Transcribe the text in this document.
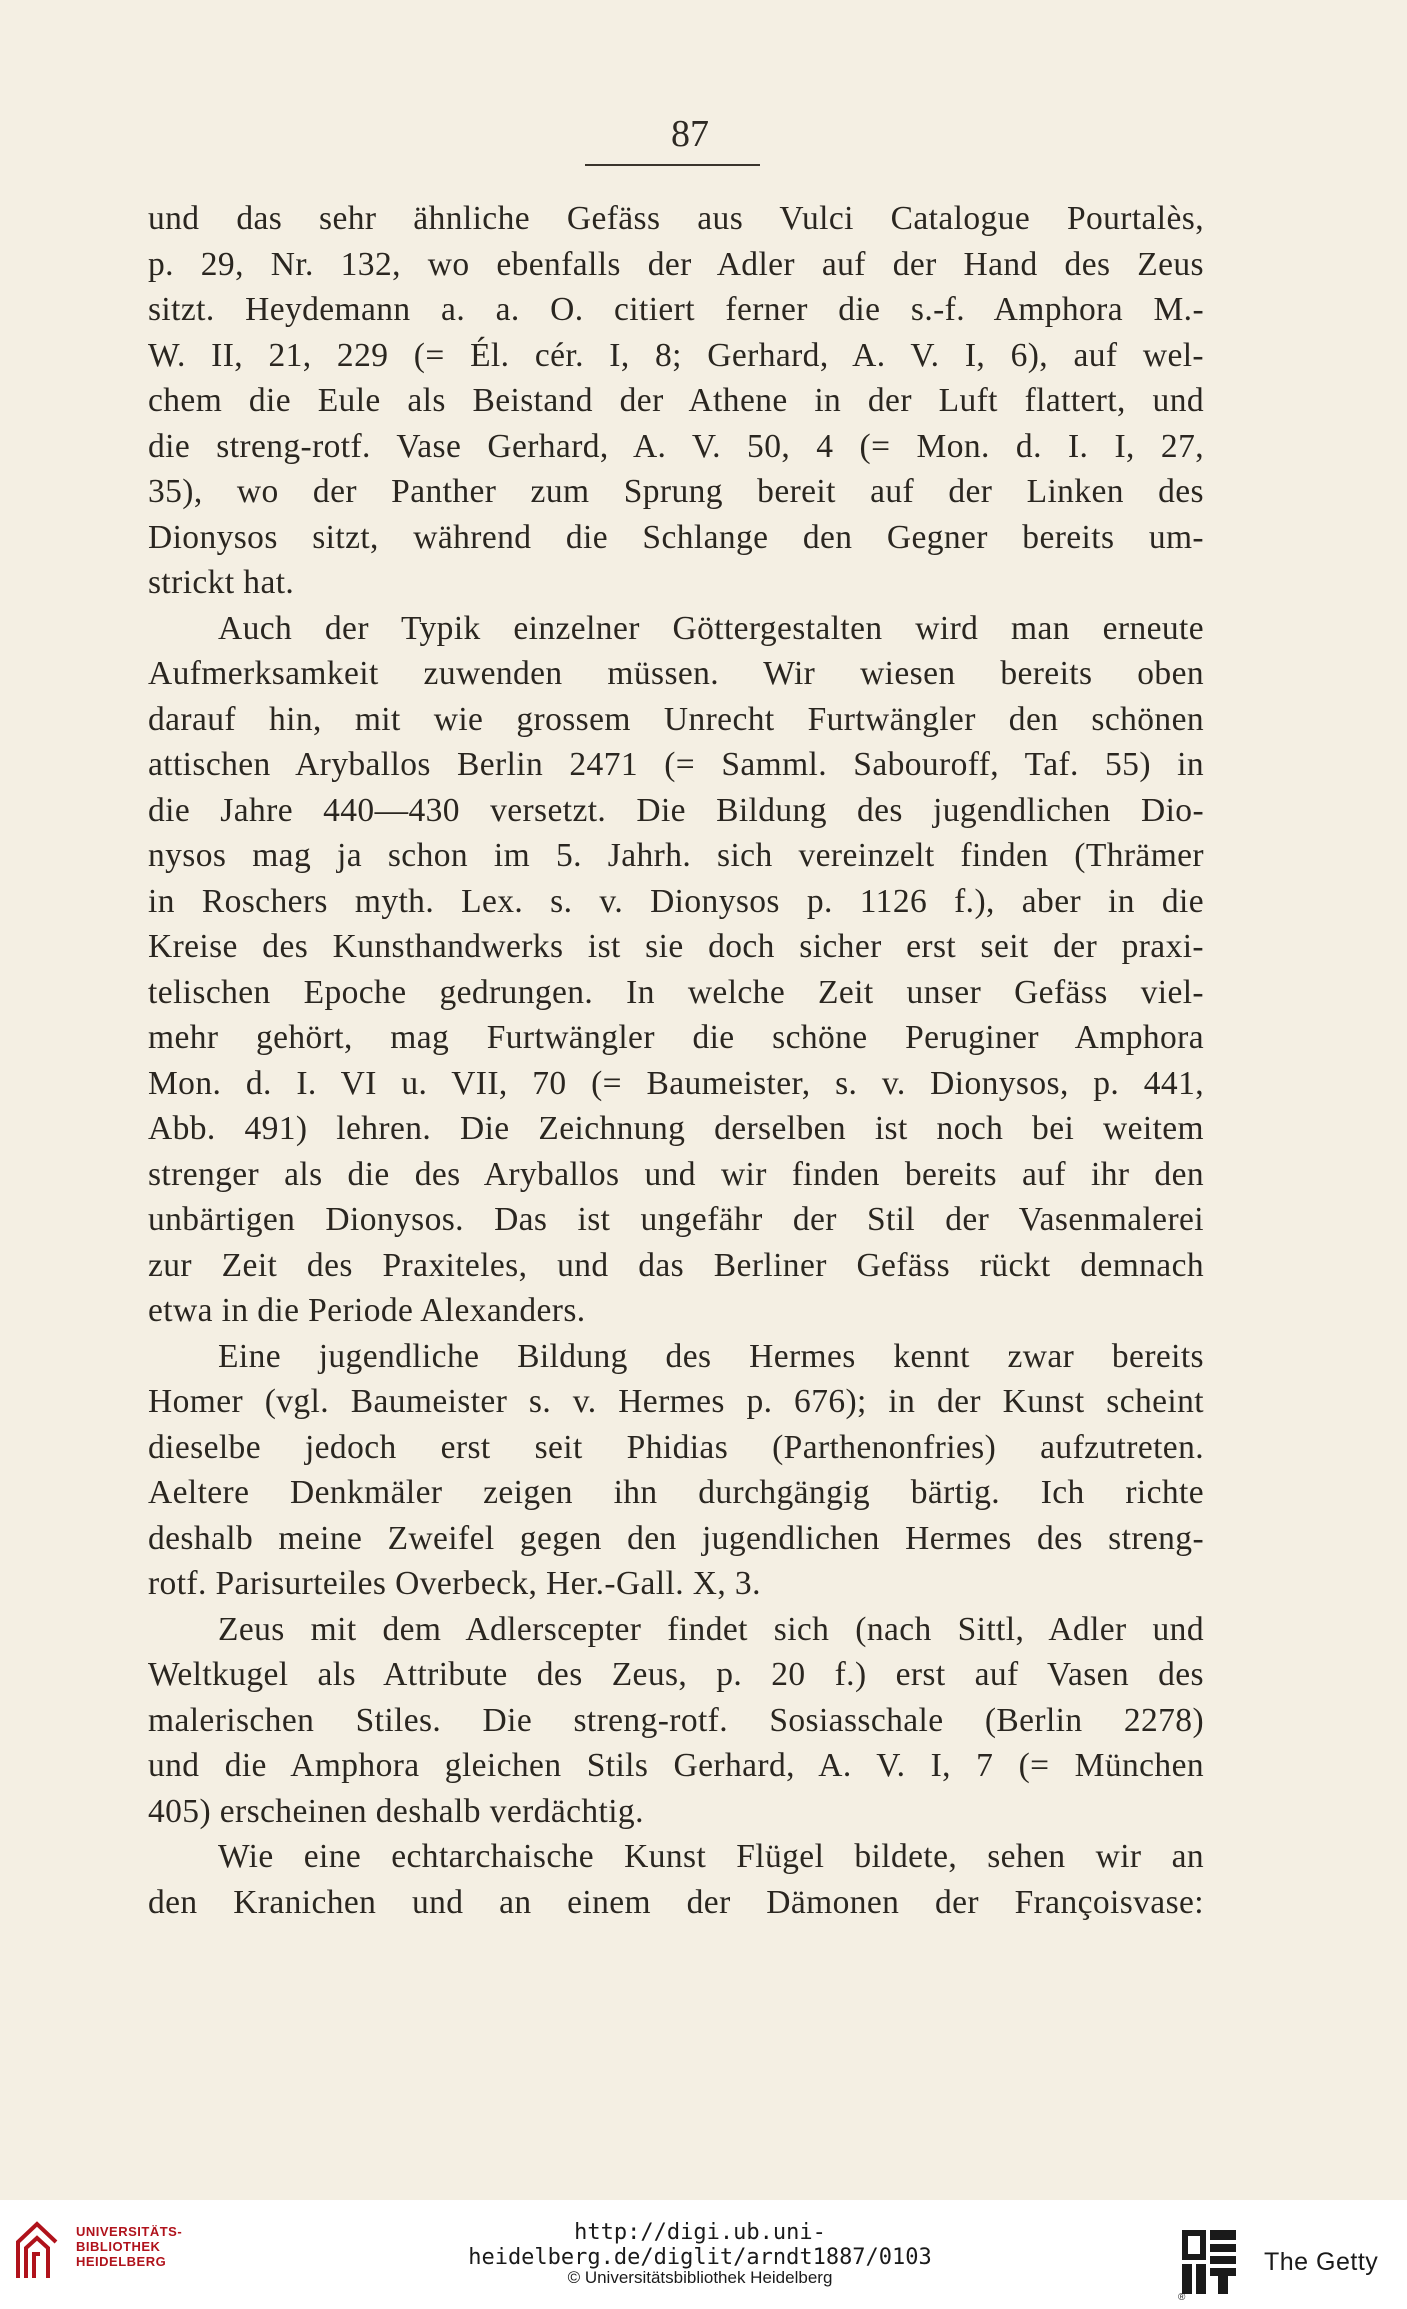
87
und das sehr ähnliche Gefäss aus Vulci Catalogue Pourtalès,
p. 29, Nr. 132, wo ebenfalls der Adler auf der Hand des Zeus
sitzt. Heydemann a. a. O. citiert ferner die s.-f. Amphora M.-
W. II, 21, 229 (= Él. cér. I, 8; Gerhard, A. V. I, 6), auf wel-
chem die Eule als Beistand der Athene in der Luft flattert, und
die streng-rotf. Vase Gerhard, A. V. 50, 4 (= Mon. d. I. I, 27,
35), wo der Panther zum Sprung bereit auf der Linken des
Dionysos sitzt, während die Schlange den Gegner bereits um-
strickt hat.
Auch der Typik einzelner Göttergestalten wird man erneute
Aufmerksamkeit zuwenden müssen. Wir wiesen bereits oben
darauf hin, mit wie grossem Unrecht Furtwängler den schönen
attischen Aryballos Berlin 2471 (= Samml. Sabouroff, Taf. 55) in
die Jahre 440—430 versetzt. Die Bildung des jugendlichen Dio-
nysos mag ja schon im 5. Jahrh. sich vereinzelt finden (Thrämer
in Roschers myth. Lex. s. v. Dionysos p. 1126 f.), aber in die
Kreise des Kunsthandwerks ist sie doch sicher erst seit der praxi-
telischen Epoche gedrungen. In welche Zeit unser Gefäss viel-
mehr gehört, mag Furtwängler die schöne Peruginer Amphora
Mon. d. I. VI u. VII, 70 (= Baumeister, s. v. Dionysos, p. 441,
Abb. 491) lehren. Die Zeichnung derselben ist noch bei weitem
strenger als die des Aryballos und wir finden bereits auf ihr den
unbärtigen Dionysos. Das ist ungefähr der Stil der Vasenmalerei
zur Zeit des Praxiteles, und das Berliner Gefäss rückt demnach
etwa in die Periode Alexanders.
Eine jugendliche Bildung des Hermes kennt zwar bereits
Homer (vgl. Baumeister s. v. Hermes p. 676); in der Kunst scheint
dieselbe jedoch erst seit Phidias (Parthenonfries) aufzutreten.
Aeltere Denkmäler zeigen ihn durchgängig bärtig. Ich richte
deshalb meine Zweifel gegen den jugendlichen Hermes des streng-
rotf. Parisurteiles Overbeck, Her.-Gall. X, 3.
Zeus mit dem Adlerscepter findet sich (nach Sittl, Adler und
Weltkugel als Attribute des Zeus, p. 20 f.) erst auf Vasen des
malerischen Stiles. Die streng-rotf. Sosiasschale (Berlin 2278)
und die Amphora gleichen Stils Gerhard, A. V. I, 7 (= München
405) erscheinen deshalb verdächtig.
Wie eine echtarchaische Kunst Flügel bildete, sehen wir an
den Kranichen und an einem der Dämonen der Françoisvase:
UNIVERSITÄTS-
BIBLIOTHEK
HEIDELBERG
http://digi.ub.uni-heidelberg.de/diglit/arndt1887/0103
© Universitätsbibliothek Heidelberg
The Getty
®
